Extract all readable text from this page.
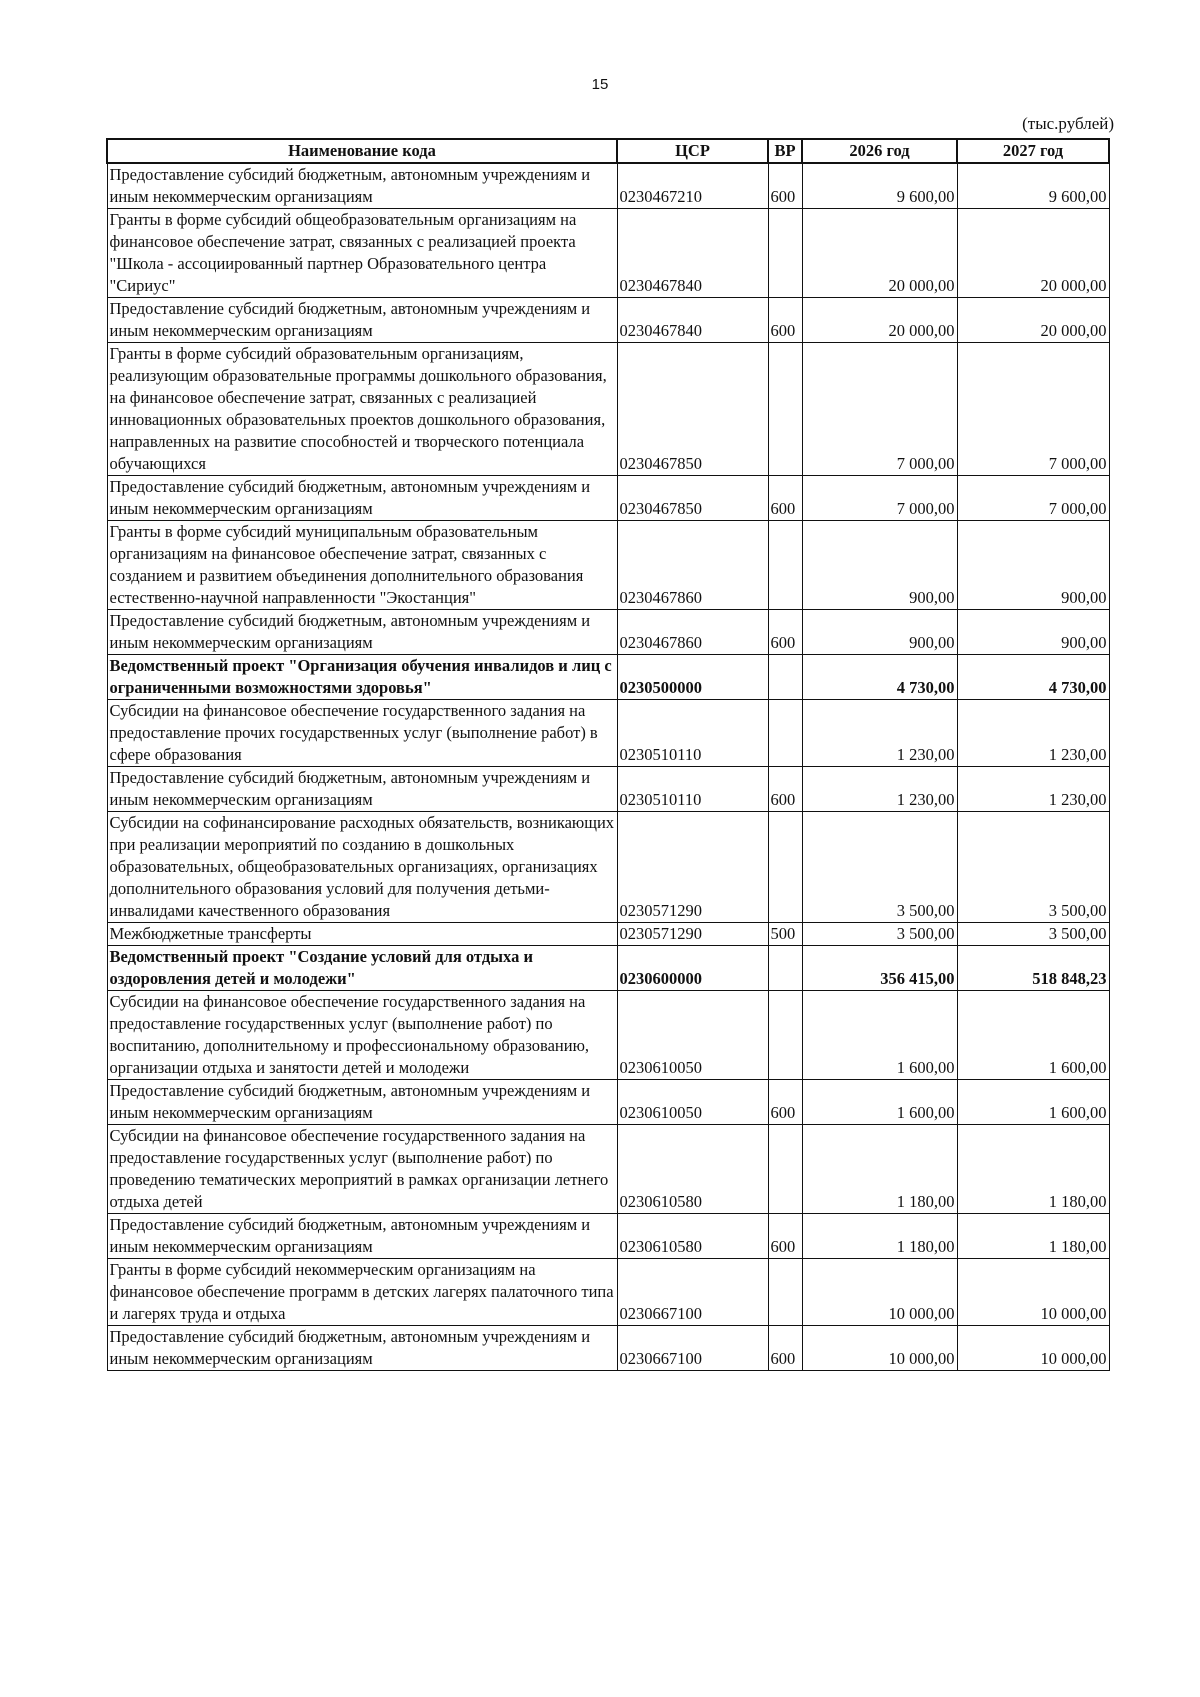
15
(тыс.рублей)
Наименование кода	ЦСР	ВР	2026 год	2027 год
Предоставление субсидий бюджетным, автономным учреждениям и иным некоммерческим организациям	0230467210	600	9 600,00	9 600,00
Гранты в форме субсидий общеобразовательным организациям на финансовое обеспечение затрат, связанных с реализацией проекта "Школа - ассоциированный партнер Образовательного центра "Сириус"	0230467840		20 000,00	20 000,00
Предоставление субсидий бюджетным, автономным учреждениям и иным некоммерческим организациям	0230467840	600	20 000,00	20 000,00
Гранты в форме субсидий образовательным организациям, реализующим образовательные программы дошкольного образования, на финансовое обеспечение затрат, связанных с реализацией инновационных образовательных проектов дошкольного образования, направленных на развитие способностей и творческого потенциала обучающихся	0230467850		7 000,00	7 000,00
Предоставление субсидий бюджетным, автономным учреждениям и иным некоммерческим организациям	0230467850	600	7 000,00	7 000,00
Гранты в форме субсидий муниципальным образовательным организациям на финансовое обеспечение затрат, связанных с созданием и развитием объединения дополнительного образования естественно-научной направленности "Экостанция"	0230467860		900,00	900,00
Предоставление субсидий бюджетным, автономным учреждениям и иным некоммерческим организациям	0230467860	600	900,00	900,00
Ведомственный проект "Организация обучения инвалидов и лиц с ограниченными возможностями здоровья"	0230500000		4 730,00	4 730,00
Субсидии на финансовое обеспечение государственного задания на предоставление прочих государственных услуг (выполнение работ) в сфере образования	0230510110		1 230,00	1 230,00
Предоставление субсидий бюджетным, автономным учреждениям и иным некоммерческим организациям	0230510110	600	1 230,00	1 230,00
Субсидии на софинансирование расходных обязательств, возникающих при реализации мероприятий по созданию в дошкольных образовательных, общеобразовательных организациях, организациях дополнительного образования условий для получения детьми-инвалидами качественного образования	0230571290		3 500,00	3 500,00
Межбюджетные трансферты	0230571290	500	3 500,00	3 500,00
Ведомственный проект "Создание условий для отдыха и оздоровления детей и молодежи"	0230600000		356 415,00	518 848,23
Субсидии на финансовое обеспечение государственного задания на предоставление государственных услуг (выполнение работ) по воспитанию, дополнительному и профессиональному образованию, организации отдыха и занятости детей и молодежи	0230610050		1 600,00	1 600,00
Предоставление субсидий бюджетным, автономным учреждениям и иным некоммерческим организациям	0230610050	600	1 600,00	1 600,00
Субсидии на финансовое обеспечение государственного задания на предоставление государственных услуг (выполнение работ) по проведению тематических мероприятий в рамках организации летнего отдыха детей	0230610580		1 180,00	1 180,00
Предоставление субсидий бюджетным, автономным учреждениям и иным некоммерческим организациям	0230610580	600	1 180,00	1 180,00
Гранты в форме субсидий некоммерческим организациям на финансовое обеспечение программ в детских лагерях палаточного типа и лагерях труда и отдыха	0230667100		10 000,00	10 000,00
Предоставление субсидий бюджетным, автономным учреждениям и иным некоммерческим организациям	0230667100	600	10 000,00	10 000,00
